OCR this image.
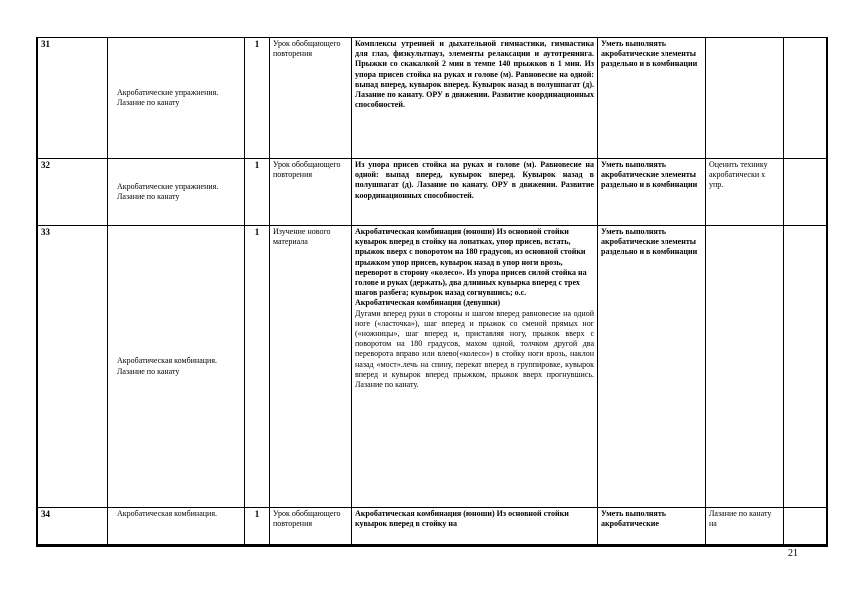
31	Акробатические упражнения. Лазание по канату	1	Урок обобщающего повторения	Комплексы утренней и дыхательной гимнастики, гимнастика для глаз, физкультпауз, элементы релаксации и аутотренинга. Прыжки со скакалкой 2 мин в темпе 140 прыжков в 1 мин. Из упора присев стойка на руках и голове (м). Равновесие на одной: выпад вперед, кувырок вперед. Кувырок назад в полушпагат (д). Лазание по канату. ОРУ в движении. Развитие координационных способностей.	Уметь выполнять акробатические элементы раздельно и в комбинации		
32	Акробатические упражнения. Лазание по канату	1	Урок обобщающего повторения	Из упора присев стойка на руках и голове (м). Равновесие на одной: выпад вперед, кувырок вперед. Кувырок назад в полушпагат (д). Лазание по канату. ОРУ в движении. Развитие координационных способностей.	Уметь выполнять акробатические элементы раздельно и в комбинации	Оценить технику акробатически х упр.	
33	Акробатическая комбинация. Лазание по канату	1	Изучение нового материала	Акробатическая комбинация (юноши) Из основной стойки кувырок вперед в стойку на лопатках, упор присев, встать, прыжок вверх с поворотом на 180 градусов, из основной стойки прыжком упор присев, кувырок назад в упор ноги врозь, переворот в сторону «колесо». Из упора присев силой стойка на голове и руках (держать), два длинных кувырка вперед с трех шагов разбега; кувырок назад согнувшись; о.с.
Акробатическая комбинация (девушки)
Дугами вперед руки в стороны и шагом вперед равновесие на одной ноге («ласточка»), шаг вперед и прыжок со сменой прямых ног («ножницы», шаг вперед и, приставляя ногу, прыжок вверх с поворотом на 180 градусов, махом одной, толчком другой два переворота вправо или влево(«колесо») в стойку ноги врозь, наклон назад «мост».лечь на спину, перекат вперед в группировке, кувырок вперед и кувырок вперед прыжком, прыжок вверх прогнувшись. Лазание по канату.	Уметь выполнять акробатические элементы раздельно и в комбинации		
34	Акробатическая комбинация.	1	Урок обобщающего повторения	Акробатическая комбинация (юноши) Из основной стойки кувырок вперед в стойку на	Уметь выполнять акробатические	Лазание по канату на	
21
